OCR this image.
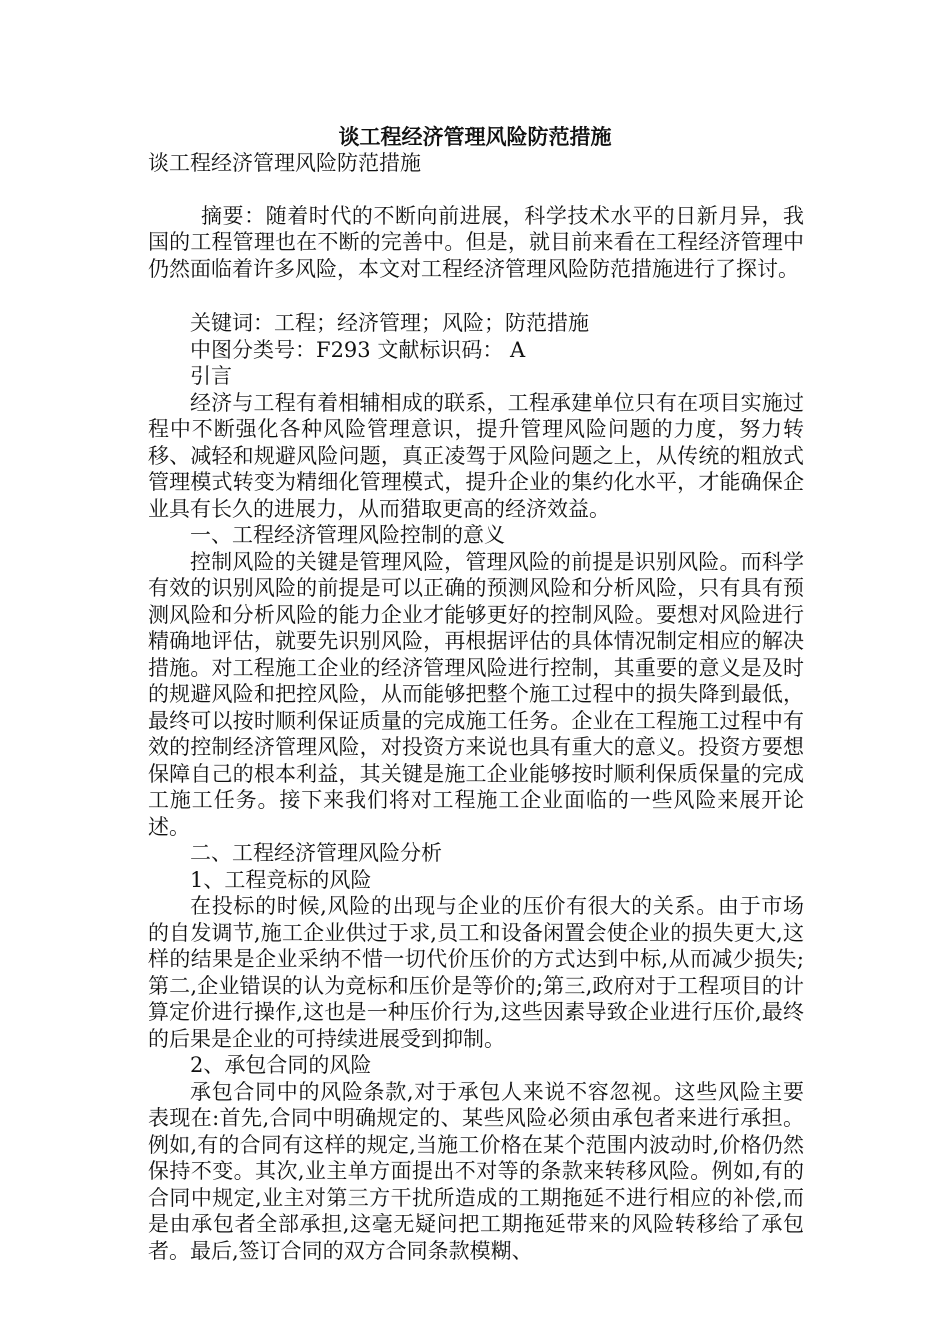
谈工程经济管理风险防范措施

谈工程经济管理风险防范措施

摘要：随着时代的不断向前进展，科学技术水平的日新月异，我国的工程管理也在不断的完善中。但是，就目前来看在工程经济管理中仍然面临着许多风险，本文对工程经济管理风险防范措施进行了探讨。

关键词：工程；经济管理；风险；防范措施

中图分类号：F293 文献标识码： A

引言

经济与工程有着相辅相成的联系，工程承建单位只有在项目实施过程中不断强化各种风险管理意识，提升管理风险问题的力度，努力转移、减轻和规避风险问题，真正凌驾于风险问题之上，从传统的粗放式管理模式转变为精细化管理模式，提升企业的集约化水平，才能确保企业具有长久的进展力，从而猎取更高的经济效益。

一、工程经济管理风险控制的意义

控制风险的关键是管理风险，管理风险的前提是识别风险。而科学有效的识别风险的前提是可以正确的预测风险和分析风险，只有具有预测风险和分析风险的能力企业才能够更好的控制风险。要想对风险进行精确地评估，就要先识别风险，再根据评估的具体情况制定相应的解决措施。对工程施工企业的经济管理风险进行控制，其重要的意义是及时的规避风险和把控风险，从而能够把整个施工过程中的损失降到最低，最终可以按时顺利保证质量的完成施工任务。企业在工程施工过程中有效的控制经济管理风险，对投资方来说也具有重大的意义。投资方要想保障自己的根本利益，其关键是施工企业能够按时顺利保质保量的完成工施工任务。接下来我们将对工程施工企业面临的一些风险来展开论述。

二、工程经济管理风险分析

1、工程竞标的风险

在投标的时候,风险的出现与企业的压价有很大的关系。由于市场的自发调节,施工企业供过于求,员工和设备闲置会使企业的损失更大,这样的结果是企业采纳不惜一切代价压价的方式达到中标,从而减少损失;第二,企业错误的认为竞标和压价是等价的;第三,政府对于工程项目的计算定价进行操作,这也是一种压价行为,这些因素导致企业进行压价,最终的后果是企业的可持续进展受到抑制。

2、承包合同的风险

承包合同中的风险条款,对于承包人来说不容忽视。这些风险主要表现在:首先,合同中明确规定的、某些风险必须由承包者来进行承担。例如,有的合同有这样的规定,当施工价格在某个范围内波动时,价格仍然保持不变。其次,业主单方面提出不对等的条款来转移风险。例如,有的合同中规定,业主对第三方干扰所造成的工期拖延不进行相应的补偿,而是由承包者全部承担,这毫无疑问把工期拖延带来的风险转移给了承包者。最后,签订合同的双方合同条款模糊、
